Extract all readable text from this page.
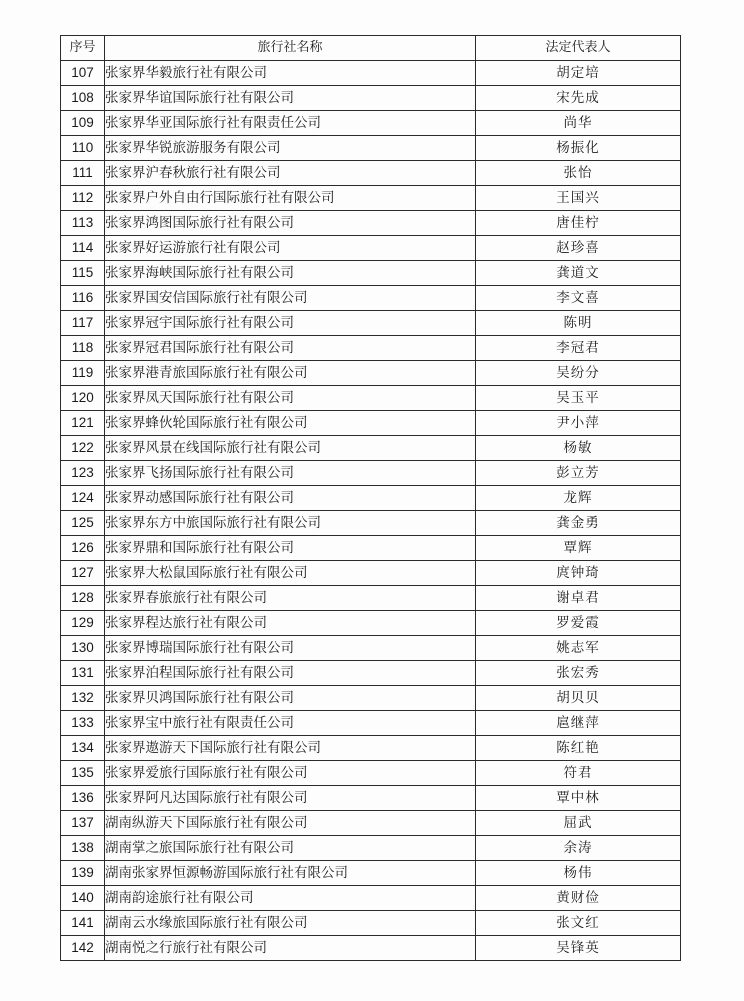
序号	旅行社名称	法定代表人
107	张家界华毅旅行社有限公司	胡定培
108	张家界华谊国际旅行社有限公司	宋先成
109	张家界华亚国际旅行社有限责任公司	尚华
110	张家界华锐旅游服务有限公司	杨振化
111	张家界沪春秋旅行社有限公司	张怡
112	张家界户外自由行国际旅行社有限公司	王国兴
113	张家界鸿图国际旅行社有限公司	唐佳柠
114	张家界好运游旅行社有限公司	赵珍喜
115	张家界海峡国际旅行社有限公司	龚道文
116	张家界国安信国际旅行社有限公司	李文喜
117	张家界冠宇国际旅行社有限公司	陈明
118	张家界冠君国际旅行社有限公司	李冠君
119	张家界港青旅国际旅行社有限公司	吴纷分
120	张家界凤天国际旅行社有限公司	吴玉平
121	张家界蜂伙轮国际旅行社有限公司	尹小萍
122	张家界风景在线国际旅行社有限公司	杨敏
123	张家界飞扬国际旅行社有限公司	彭立芳
124	张家界动感国际旅行社有限公司	龙辉
125	张家界东方中旅国际旅行社有限公司	龚金勇
126	张家界鼎和国际旅行社有限公司	覃辉
127	张家界大松鼠国际旅行社有限公司	庹钟琦
128	张家界春旅旅行社有限公司	谢卓君
129	张家界程达旅行社有限公司	罗爱霞
130	张家界博瑞国际旅行社有限公司	姚志军
131	张家界泊程国际旅行社有限公司	张宏秀
132	张家界贝鸿国际旅行社有限公司	胡贝贝
133	张家界宝中旅行社有限责任公司	扈继萍
134	张家界遨游天下国际旅行社有限公司	陈红艳
135	张家界爱旅行国际旅行社有限公司	符君
136	张家界阿凡达国际旅行社有限公司	覃中林
137	湖南纵游天下国际旅行社有限公司	屈武
138	湖南掌之旅国际旅行社有限公司	余涛
139	湖南张家界恒源畅游国际旅行社有限公司	杨伟
140	湖南韵途旅行社有限公司	黄财俭
141	湖南云水缘旅国际旅行社有限公司	张文红
142	湖南悦之行旅行社有限公司	吴锋英
